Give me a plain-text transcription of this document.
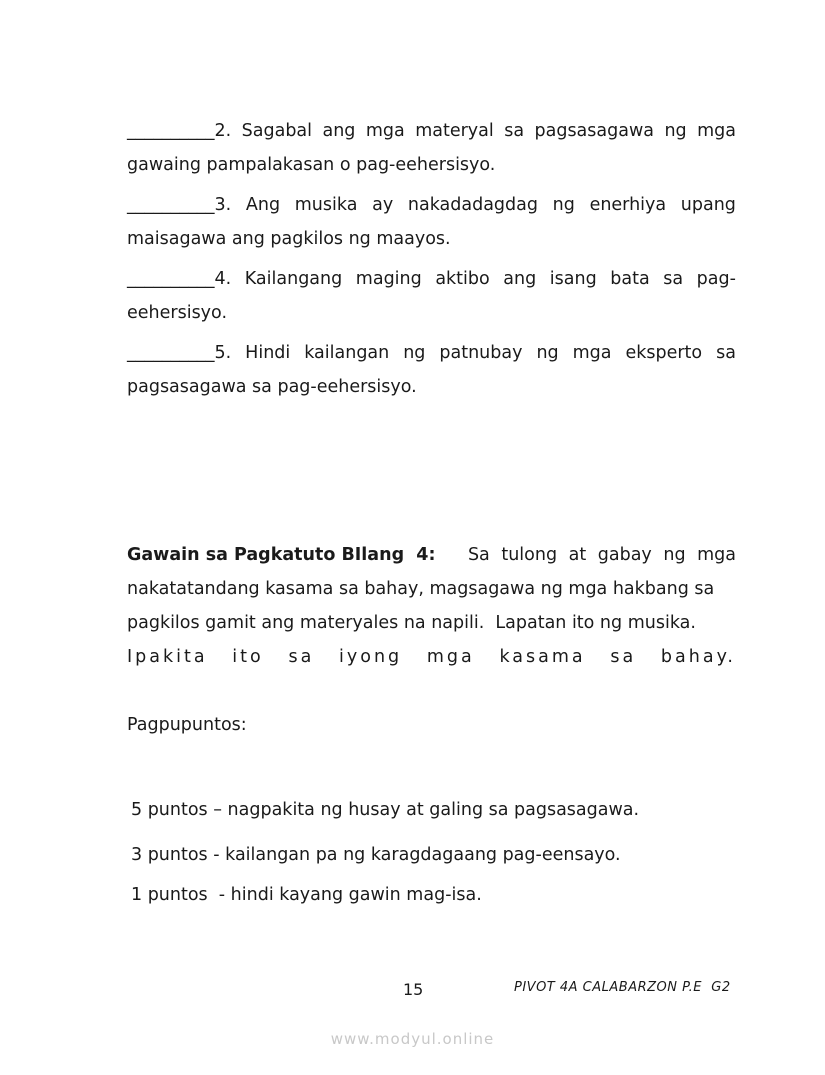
__________2. Sagabal ang mga materyal sa pagsasagawa ng mga
gawaing pampalakasan o pag-eehersisyo.
__________3. Ang musika ay nakadadagdag ng enerhiya upang
maisagawa ang pagkilos ng maayos.
__________4. Kailangang maging aktibo ang isang bata sa pag-
eehersisyo.
__________5. Hindi kailangan ng patnubay ng mga eksperto sa
pagsasagawa sa pag-eehersisyo.
Gawain sa Pagkatuto BIlang  4: Sa tulong at gabay ng mga
nakatatandang kasama sa bahay, magsagawa ng mga hakbang sa
pagkilos gamit ang materyales na napili.  Lapatan ito ng musika.
Ipakita ito sa iyong mga kasama sa bahay.
Pagpupuntos:
5 puntos – nagpakita ng husay at galing sa pagsasagawa.
3 puntos - kailangan pa ng karagdagaang pag-eensayo.
1 puntos  - hindi kayang gawin mag-isa.
15	PIVOT 4A CALABARZON P.E  G2
www.modyul.online
